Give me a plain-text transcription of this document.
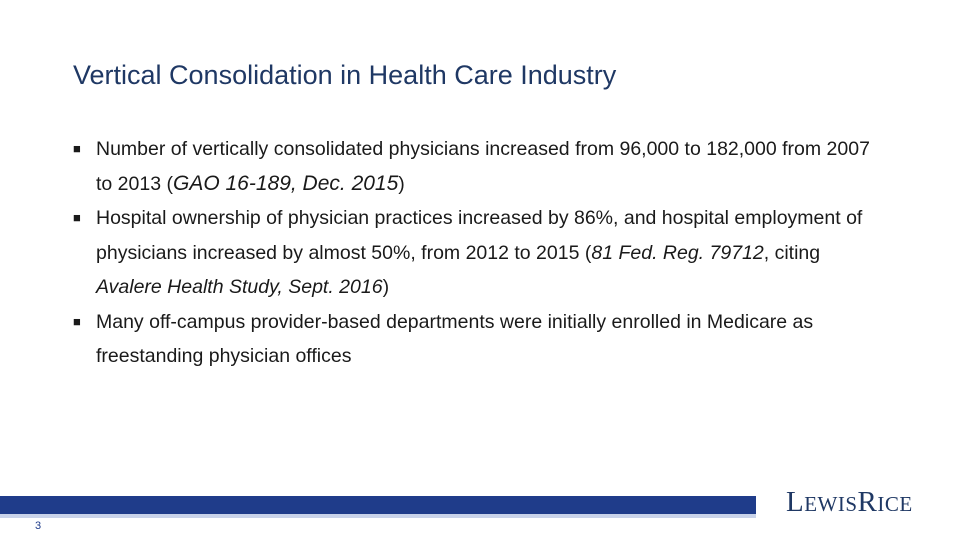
Vertical Consolidation in Health Care Industry
■ Number of vertically consolidated physicians increased from 96,000 to 182,000 from 2007 to 2013 (GAO 16-189, Dec. 2015)
■ Hospital ownership of physician practices increased by 86%, and hospital employment of physicians increased by almost 50%, from 2012 to 2015 (81 Fed. Reg. 79712, citing Avalere Health Study, Sept. 2016)
■ Many off-campus provider-based departments were initially enrolled in Medicare as freestanding physician offices
3
LEWISRICE
